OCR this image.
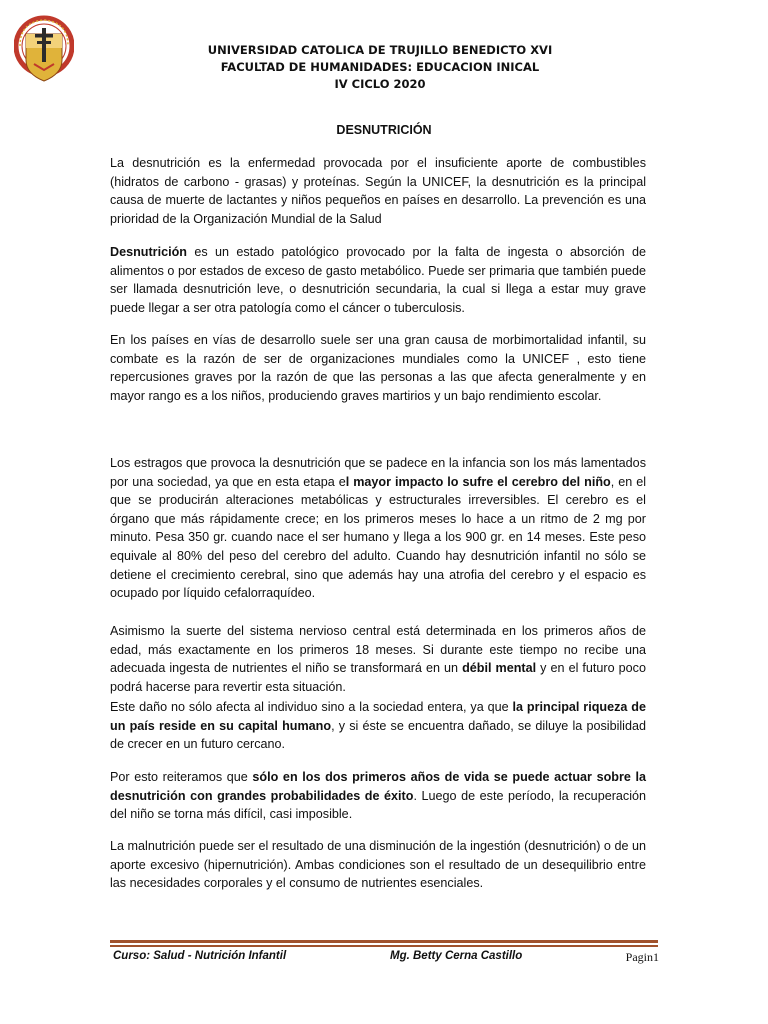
UNIVERSIDAD CATOLICA DE TRUJILLO BENEDICTO XVI
FACULTAD DE HUMANIDADES: EDUCACION INICAL
IV CICLO 2020
DESNUTRICIÓN

La desnutrición es la enfermedad provocada por el insuficiente aporte de combustibles (hidratos de carbono - grasas) y proteínas. Según la UNICEF, la desnutrición es la principal causa de muerte de lactantes y niños pequeños en países en desarrollo. La prevención es una prioridad de la Organización Mundial de la Salud

Desnutrición es un estado patológico provocado por la falta de ingesta o absorción de alimentos o por estados de exceso de gasto metabólico. Puede ser primaria que también puede ser llamada desnutrición leve, o desnutrición secundaria, la cual si llega a estar muy grave puede llegar a ser otra patología como el cáncer o tuberculosis.

En los países en vías de desarrollo suele ser una gran causa de morbimortalidad infantil, su combate es la razón de ser de organizaciones mundiales como la UNICEF , esto tiene repercusiones graves por la razón de que las personas a las que afecta generalmente y en mayor rango es a los niños, produciendo graves martirios y un bajo rendimiento escolar.

Los estragos que provoca la desnutrición que se padece en la infancia son los más lamentados por una sociedad, ya que en esta etapa el mayor impacto lo sufre el cerebro del niño, en el que se producirán alteraciones metabólicas y estructurales irreversibles. El cerebro es el órgano que más rápidamente crece; en los primeros meses lo hace a un ritmo de 2 mg por minuto. Pesa 350 gr. cuando nace el ser humano y llega a los 900 gr. en 14 meses. Este peso equivale al 80% del peso del cerebro del adulto. Cuando hay desnutrición infantil no sólo se detiene el crecimiento cerebral, sino que además hay una atrofia del cerebro y el espacio es ocupado por líquido cefalorraquídeo.

Asimismo la suerte del sistema nervioso central está determinada en los primeros años de edad, más exactamente en los primeros 18 meses. Si durante este tiempo no recibe una adecuada ingesta de nutrientes el niño se transformará en un débil mental y en el futuro poco podrá hacerse para revertir esta situación.

Este daño no sólo afecta al individuo sino a la sociedad entera, ya que la principal riqueza de un país reside en su capital humano, y si éste se encuentra dañado, se diluye la posibilidad de crecer en un futuro cercano.

Por esto reiteramos que sólo en los dos primeros años de vida se puede actuar sobre la desnutrición con grandes probabilidades de éxito. Luego de este período, la recuperación del niño se torna más difícil, casi imposible.

La malnutrición puede ser el resultado de una disminución de la ingestión (desnutrición) o de un aporte excesivo (hipernutrición). Ambas condiciones son el resultado de un desequilibrio entre las necesidades corporales y el consumo de nutrientes esenciales.

Curso: Salud - Nutrición Infantil	Mg. Betty Cerna Castillo	Pagin1
